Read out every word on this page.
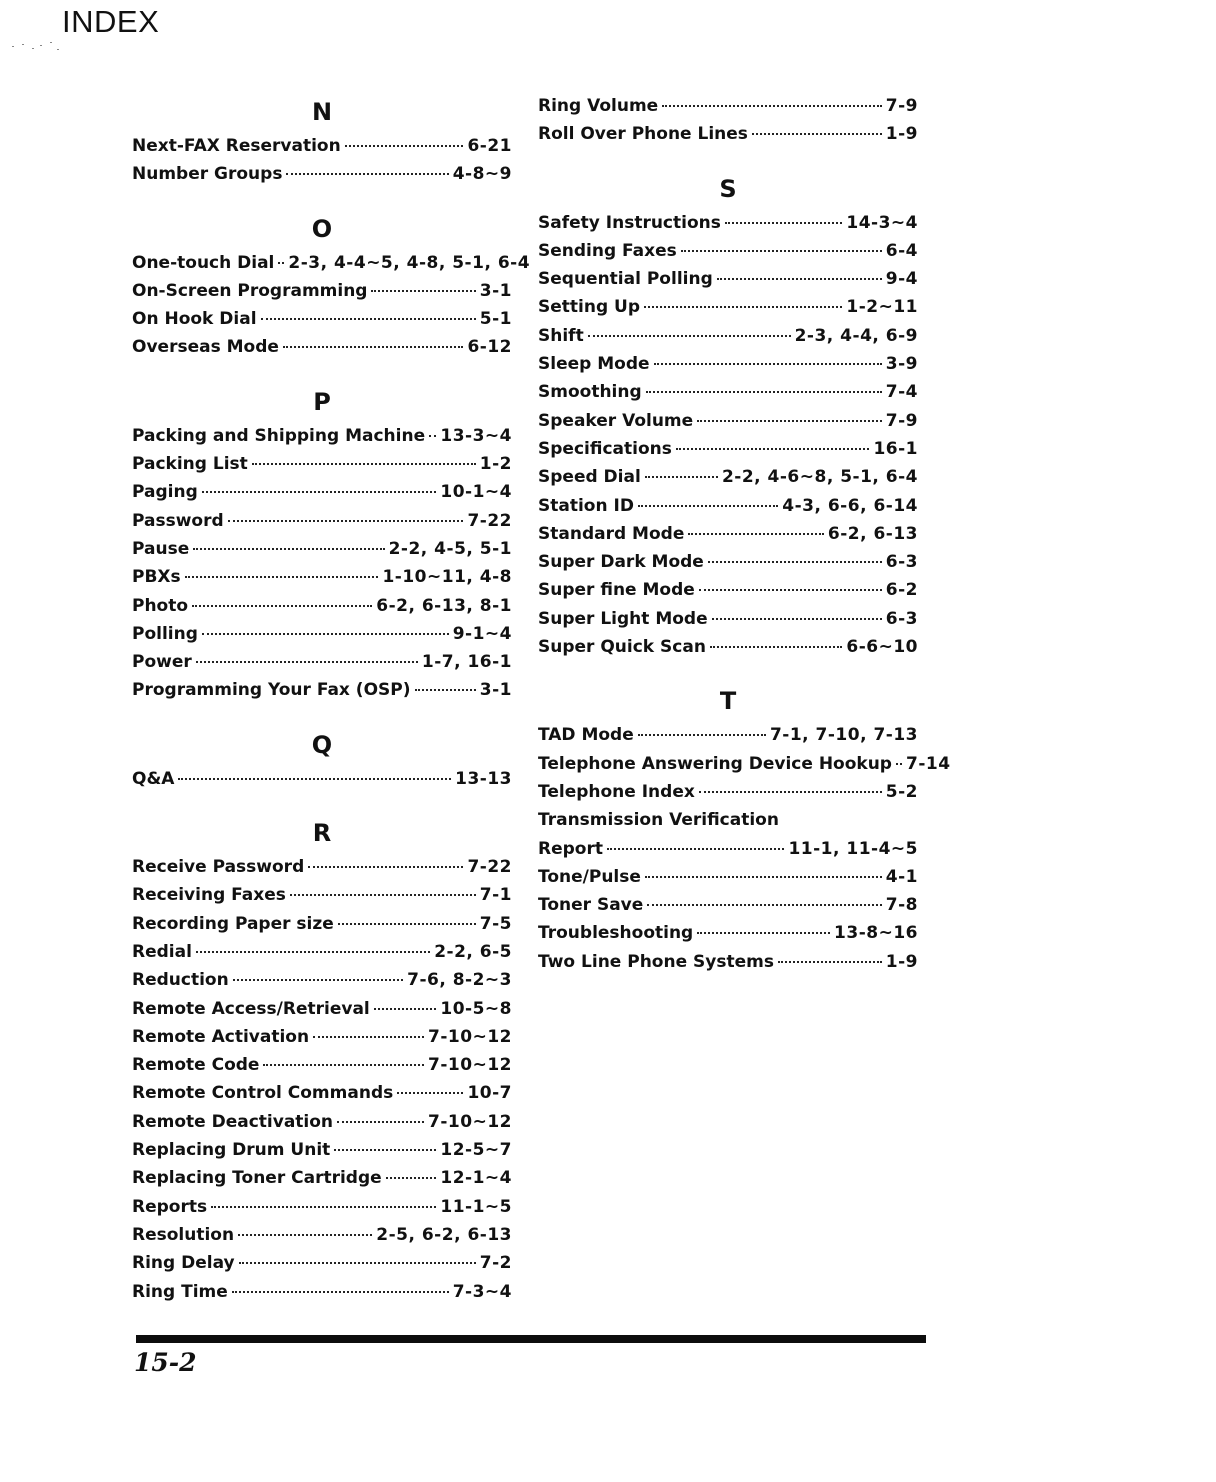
INDEX
N
Next-FAX Reservation	6-21
Number Groups	4-8~9
O
One-touch Dial 2-3, 4-4~5, 4-8, 5-1, 6-4
On-Screen Programming	3-1
On Hook Dial	5-1
Overseas Mode	6-12
P
Packing and Shipping Machine 13-3~4
Packing List	1-2
Paging	10-1~4
Password	7-22
Pause	2-2, 4-5, 5-1
PBXs	1-10~11, 4-8
Photo	6-2, 6-13, 8-1
Polling	9-1~4
Power	1-7, 16-1
Programming Your Fax (OSP)	3-1
Q
Q&A	13-13
R
Receive Password	7-22
Receiving Faxes	7-1
Recording Paper size	7-5
Redial	2-2, 6-5
Reduction	7-6, 8-2~3
Remote Access/Retrieval	10-5~8
Remote Activation	7-10~12
Remote Code	7-10~12
Remote Control Commands	10-7
Remote Deactivation	7-10~12
Replacing Drum Unit	12-5~7
Replacing Toner Cartridge	12-1~4
Reports	11-1~5
Resolution	2-5, 6-2, 6-13
Ring Delay	7-2
Ring Time	7-3~4
Ring Volume	7-9
Roll Over Phone Lines	1-9
S
Safety Instructions	14-3~4
Sending Faxes	6-4
Sequential Polling	9-4
Setting Up	1-2~11
Shift	2-3, 4-4, 6-9
Sleep Mode	3-9
Smoothing	7-4
Speaker Volume	7-9
Specifications	16-1
Speed Dial	2-2, 4-6~8, 5-1, 6-4
Station ID	4-3, 6-6, 6-14
Standard Mode	6-2, 6-13
Super Dark Mode	6-3
Super fine Mode	6-2
Super Light Mode	6-3
Super Quick Scan	6-6~10
T
TAD Mode	7-1, 7-10, 7-13
Telephone Answering Device Hookup 7-14
Telephone Index	5-2
Transmission Verification
Report	11-1, 11-4~5
Tone/Pulse	4-1
Toner Save	7-8
Troubleshooting	13-8~16
Two Line Phone Systems	1-9
15-2
